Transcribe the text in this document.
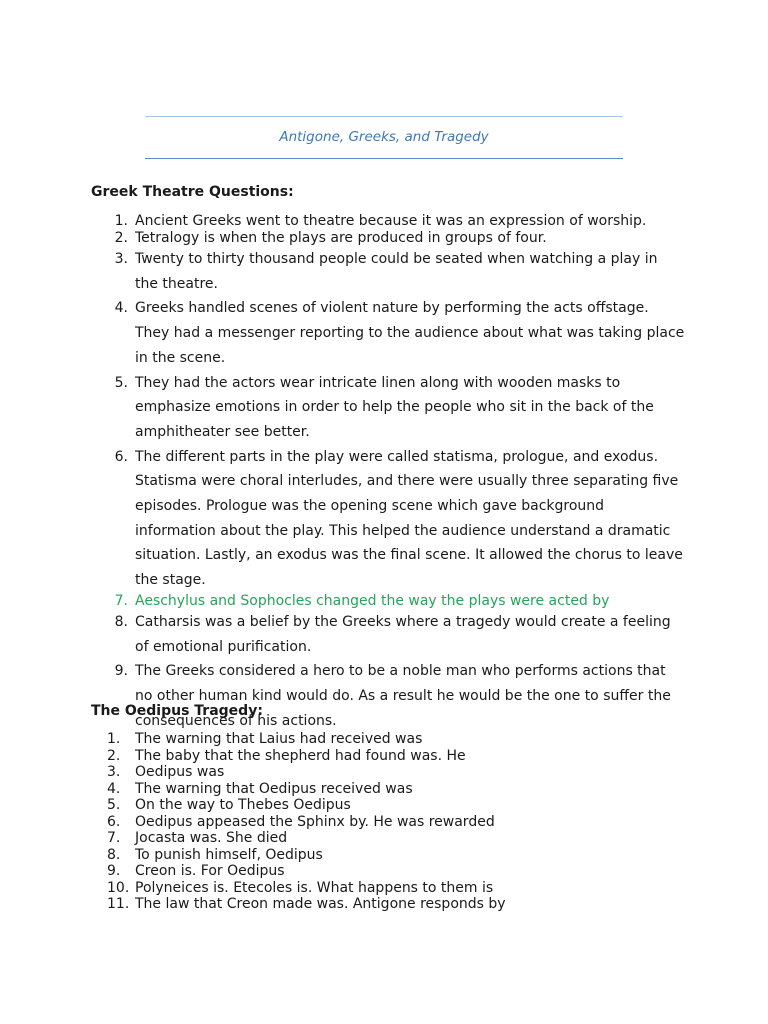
Antigone, Greeks, and Tragedy

Greek Theatre Questions:

1. Ancient Greeks went to theatre because it was an expression of worship.
2. Tetralogy is when the plays are produced in groups of four.
3. Twenty to thirty thousand people could be seated when watching a play in
the theatre.
4. Greeks handled scenes of violent nature by performing the acts offstage.
They had a messenger reporting to the audience about what was taking place
in the scene.
5. They had the actors wear intricate linen along with wooden masks to
emphasize emotions in order to help the people who sit in the back of the
amphitheater see better.
6. The different parts in the play were called statisma, prologue, and exodus.
Statisma were choral interludes, and there were usually three separating five
episodes. Prologue was the opening scene which gave background
information about the play. This helped the audience understand a dramatic
situation. Lastly, an exodus was the final scene. It allowed the chorus to leave
the stage.
7. Aeschylus and Sophocles changed the way the plays were acted by
8. Catharsis was a belief by the Greeks where a tragedy would create a feeling
of emotional purification.
9. The Greeks considered a hero to be a noble man who performs actions that
no other human kind would do. As a result he would be the one to suffer the
consequences of his actions.

The Oedipus Tragedy:

1.	The warning that Laius had received was
2.	The baby that the shepherd had found was. He
3.	Oedipus was
4.	The warning that Oedipus received was
5.	On the way to Thebes Oedipus
6.	Oedipus appeased the Sphinx by. He was rewarded
7.	Jocasta was. She died
8.	To punish himself, Oedipus
9.	Creon is. For Oedipus
10. Polyneices is. Etecoles is. What happens to them is
11. The law that Creon made was. Antigone responds by
